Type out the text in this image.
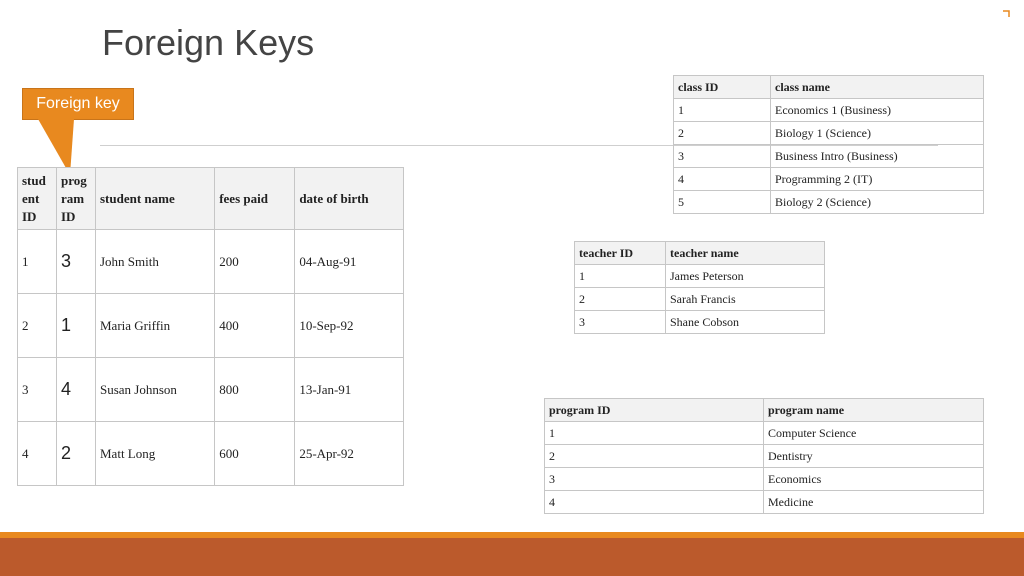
Foreign Keys
Foreign key
stud
ent
ID	prog
ram
ID	student name	fees paid	date of birth
1	3	John Smith	200	04-Aug-91
2	1	Maria Griffin	400	10-Sep-92
3	4	Susan Johnson	800	13-Jan-91
4	2	Matt Long	600	25-Apr-92
class ID	class name
1	Economics 1 (Business)
2	Biology 1 (Science)
3	Business Intro (Business)
4	Programming 2 (IT)
5	Biology 2 (Science)
teacher ID	teacher name
1	James Peterson
2	Sarah Francis
3	Shane Cobson
program ID	program name
1	Computer Science
2	Dentistry
3	Economics
4	Medicine
